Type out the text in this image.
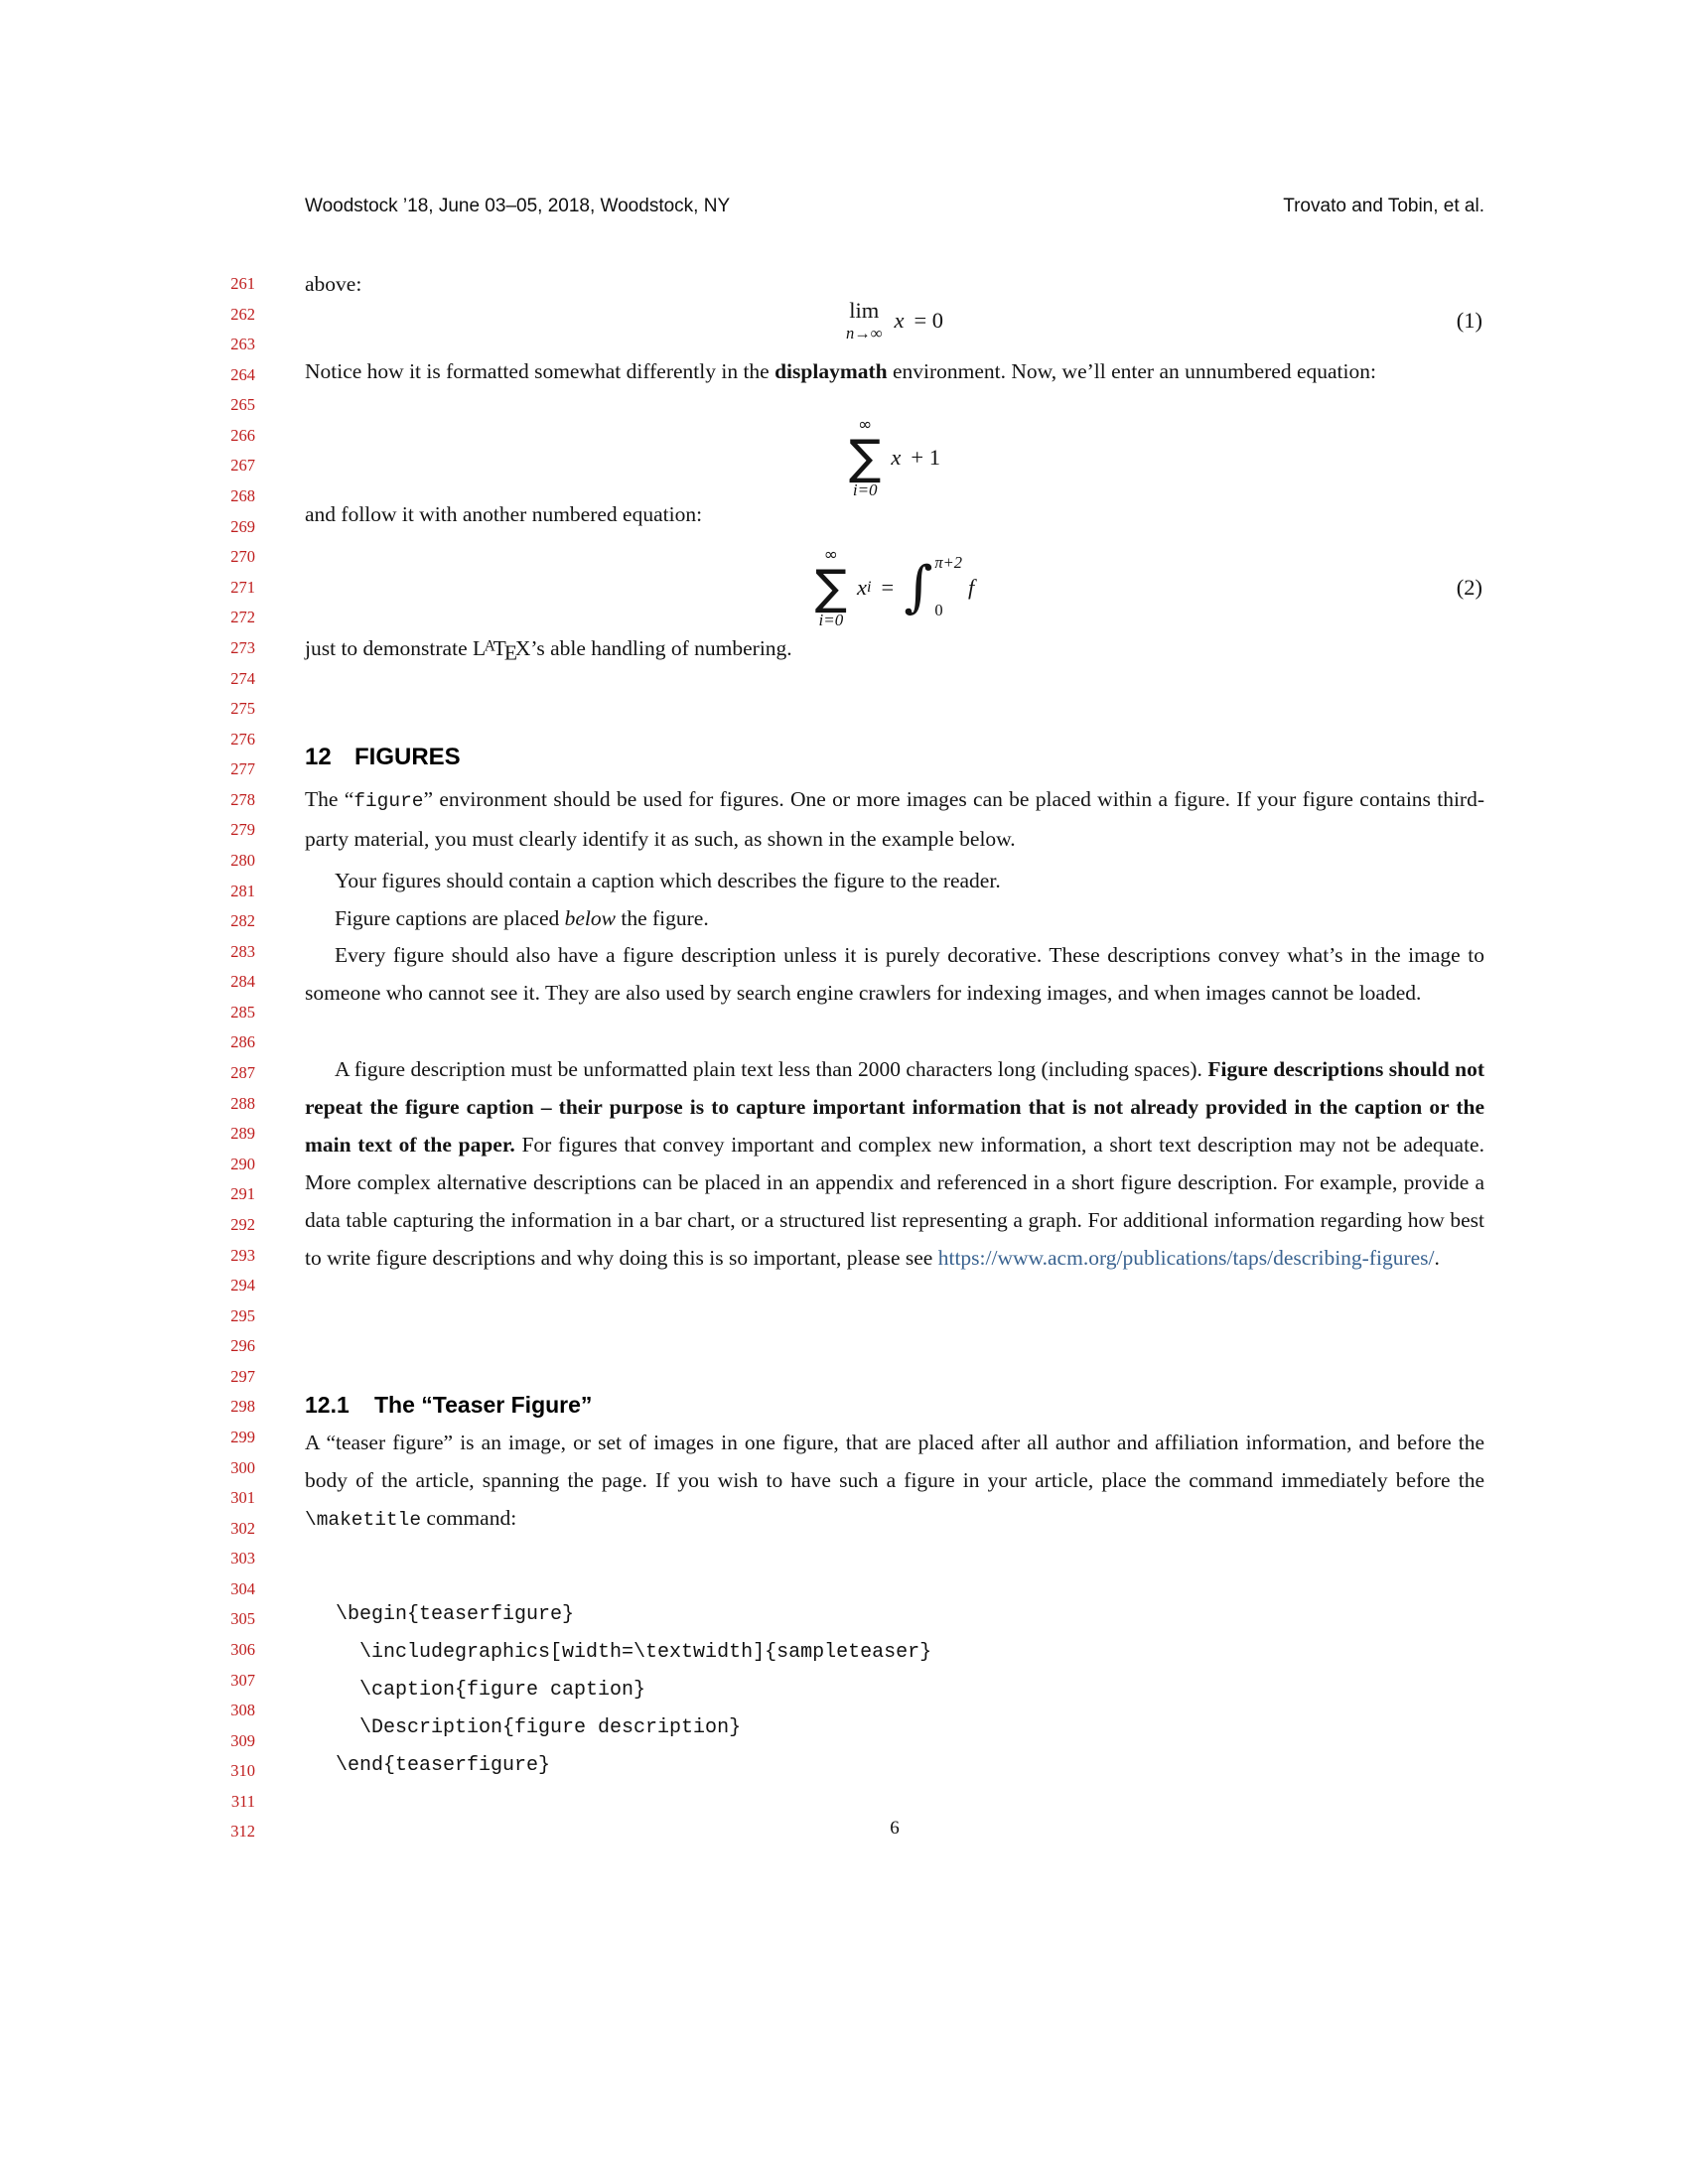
Woodstock ’18, June 03–05, 2018, Woodstock, NY	Trovato and Tobin, et al.
261
262
263
264
265
266
267
268
269
270
271
272
273
274
275
276
277
278
279
280
281
282
283
284
285
286
287
288
289
290
291
292
293
294
295
296
297
298
299
300
301
302
303
304
305
306
307
308
309
310
311
312
above:
lim
n→∞
x = 0	(1)
Notice how it is formatted somewhat differently in the displaymath environment. Now, we’ll enter an unnumbered equation:
∞
∑
i=0
x + 1
and follow it with another numbered equation:
∞
∑
i=0
x i = ∫ π+2
0
f	(2)
just to demonstrate LATEX’s able handling of numbering.
12 FIGURES
The “figure” environment should be used for figures. One or more images can be placed within a figure. If your figure contains third-party material, you must clearly identify it as such, as shown in the example below.
Your figures should contain a caption which describes the figure to the reader.
Figure captions are placed below the figure.
Every figure should also have a figure description unless it is purely decorative. These descriptions convey what’s in the image to someone who cannot see it. They are also used by search engine crawlers for indexing images, and when images cannot be loaded.
A figure description must be unformatted plain text less than 2000 characters long (including spaces). Figure descriptions should not repeat the figure caption – their purpose is to capture important information that is not already provided in the caption or the main text of the paper. For figures that convey important and complex new information, a short text description may not be adequate. More complex alternative descriptions can be placed in an appendix and referenced in a short figure description. For example, provide a data table capturing the information in a bar chart, or a structured list representing a graph. For additional information regarding how best to write figure descriptions and why doing this is so important, please see https://www.acm.org/publications/taps/describing-figures/.
12.1 The “Teaser Figure”
A “teaser figure” is an image, or set of images in one figure, that are placed after all author and affiliation information, and before the body of the article, spanning the page. If you wish to have such a figure in your article, place the command immediately before the \maketitle command:
\begin{teaserfigure}
\includegraphics[width=\textwidth]{sampleteaser}
\caption{figure caption}
\Description{figure description}
\end{teaserfigure}
6
